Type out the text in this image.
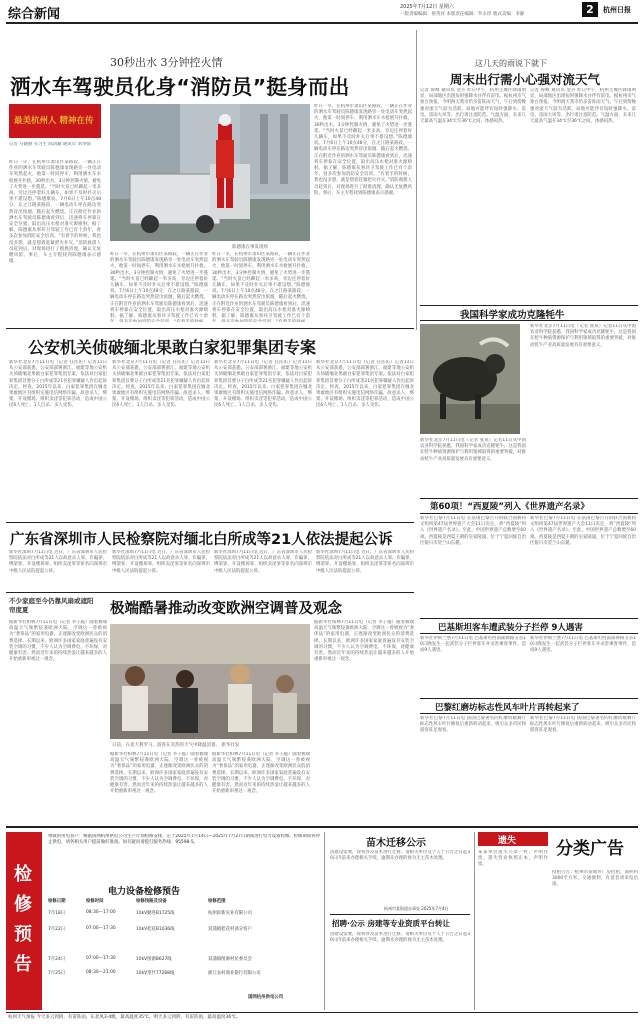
综合新闻	2025年7月12日 星期六
一版责编编辑：侯英祥 本版责任编辑：罗永彤 版式美编：李静	2	杭州日报
30秒出水 3分钟控火情
洒水车驾驶员化身“消防员”挺身而出
最美杭州人 精神在传
记者 马晓丽 实习生 陈清颖 通讯员 刘华婧
昨日一早，在杭州市萧山区某路段，一辆正在作业的洒水车驾驶员陈德康发现路旁一处电动车突然起火，他第一时间停车，利用洒水车水枪展开扑救，30秒出水，3分钟控制火情，避免了火势进一步蔓延。“当时火苗已经蹿起一米多高，旁边还停着好几辆车，如果不及时扑灭后果不堪设想。”陈德康说。7月6日上午10点48分，在之江路某路段，一辆电动车停在路边突然冒出浓烟，随后起火燃烧。正在附近作业的洒水车驾驶员陈德康看到后，迅速将车停靠在安全位置，取出高压水枪对准火源喷射。据了解，陈德康从事环卫驾驶工作已有十余年，曾多次参加消防安全培训。“有着手的时候，我也没多想，就是想着赶紧把火扑灭。”消防救援人员赶到后，对现场进行了彻底清理，确认无复燃风险。事后，车主专程找到陈德康表示感谢。
陈德康在事发现场
昨日一早，在杭州市萧山区某路段，一辆正在作业的洒水车驾驶员陈德康发现路旁一处电动车突然起火，他第一时间停车，利用洒水车水枪展开扑救，30秒出水，3分钟控制火情，避免了火势进一步蔓延。“当时火苗已经蹿起一米多高，旁边还停着好几辆车，如果不及时扑灭后果不堪设想。”陈德康说。7月6日上午10点48分，在之江路某路段，一辆电动车停在路边突然冒出浓烟，随后起火燃烧。正在附近作业的洒水车驾驶员陈德康看到后，迅速将车停靠在安全位置，取出高压水枪对准火源喷射。据了解，陈德康从事环卫驾驶工作已有十余
昨日一早，在杭州市萧山区某路段，一辆正在作业的洒水车驾驶员陈德康发现路旁一处电动车突然起火，他第一时间停车，利用洒水车水枪展开扑救，30秒出水，3分钟控制火情，避免了火势进一步蔓延。“当时火苗已经蹿起一米多高，旁边还停着好几辆车，如果不及时扑灭后果不堪设想。”陈德康说。7月6日上午10点48分，在之江路某路段，一辆电动车停在路边突然冒出浓烟，随后起火燃烧。正在附近作业的洒水车驾驶员陈德康看到后，迅速将车停靠在安全位置，取出高压水枪对准火源喷射。据了解，陈德康从事环卫驾驶工作已有十余
昨日一早，在杭州市萧山区某路段，一辆正在作业的洒水车驾驶员陈德康发现路旁一处电动车突然起火，他第一时间停车，利用洒水车水枪展开扑救，30秒出水，3分钟控制火情，避免了火势进一步蔓延。“当时火苗已经蹿起一米多高，旁边还停着好几辆车，如果不及时扑灭后果不堪设想。”陈德康说。7月6日上午10点48分，在之江路某路段，一辆电动车停在路边突然冒出浓烟，随后起火燃烧。正在附近作业的洒水车驾驶员陈德康看到后，迅速将车停靠在安全位置，取出高压水枪对准火源喷射。据了解，陈德康从事环卫驾驶工作已有十余年，曾多次参加消防安全培训。“有着手的时候，我也没多想，就是想着赶紧把火扑灭。”消防救援人员赶到后，对现场进行了彻底清理，确认无复燃风险。事后，车主专程找到陈德康表示感谢。
这几天的雨说下就下
周末出行需小心强对流天气
记者 鲁峰 通讯员 金卉 昨日中午，杭州主城区降雨明显，局部地区出现短时强降水并伴有雷电。据杭州市气象台预报，今明两天我市仍多雷阵雨天气，午后到傍晚强对流天气较为活跃，局地可能伴有短时强降水、雷电、雷雨大风等，出行请注意防范。气温方面，未来几天最高气温在34℃至36℃之间，体感闷热。
记者 鲁峰 通讯员 金卉 昨日中午，杭州主城区降雨明显，局部地区出现短时强降水并伴有雷电。据杭州市气象台预报，今明两天我市仍多雷阵雨天气，午后到傍晚强对流天气较为活跃，局地可能伴有短时强降水、雷电、雷雨大风等，出行请注意防范。气温方面，未来几天最高气温在34℃至36℃之间，体感闷热。
公安机关侦破缅北果敢白家犯罪集团专案
新华社北京7月11日电（记者 任沁沁）记者11日从公安部获悉，公安部部署浙江、福建等地公安机关侦破缅北果敢白家犯罪集团专案，依法对白家犯罪集团首要分子白所成等21名犯罪嫌疑人作出起诉决定。经查，2015年以来，白家犯罪集团在缅北果敢地区有组织实施电信网络诈骗、故意杀人、绑架、开设赌场、组织卖淫等犯罪活动，造成中国公民6人死亡、1人自杀、多人受伤。
新华社北京7月11日电（记者 任沁沁）记者11日从公安部获悉，公安部部署浙江、福建等地公安机关侦破缅北果敢白家犯罪集团专案，依法对白家犯罪集团首要分子白所成等21名犯罪嫌疑人作出起诉决定。经查，2015年以来，白家犯罪集团在缅北果敢地区有组织实施电信网络诈骗、故意杀人、绑架、开设赌场、组织卖淫等犯罪活动，造成中国公民6人死亡、1人自杀、多人受伤。
新华社北京7月11日电（记者 任沁沁）记者11日从公安部获悉，公安部部署浙江、福建等地公安机关侦破缅北果敢白家犯罪集团专案，依法对白家犯罪集团首要分子白所成等21名犯罪嫌疑人作出起诉决定。经查，2015年以来，白家犯罪集团在缅北果敢地区有组织实施电信网络诈骗、故意杀人、绑架、开设赌场、组织卖淫等犯罪活动，造成中国公民6人死亡、1人自杀、多人受伤。
新华社北京7月11日电（记者 任沁沁）记者11日从公安部获悉，公安部部署浙江、福建等地公安机关侦破缅北果敢白家犯罪集团专案，依法对白家犯罪集团首要分子白所成等21名犯罪嫌疑人作出起诉决定。经查，2015年以来，白家犯罪集团在缅北果敢地区有组织实施电信网络诈骗、故意杀人、绑架、开设赌场、组织卖淫等犯罪活动，造成中国公民6人死亡、1人自杀、多人受伤。
广东省深圳市人民检察院对缅北白所成等21人依法提起公诉
新华社深圳7月11日电 近日，广东省深圳市人民检察院依法对白所成等21人以故意杀人罪、诈骗罪、绑架罪、开设赌场罪、组织卖淫罪等罪名向深圳市中级人民法院提起公诉。
新华社深圳7月11日电 近日，广东省深圳市人民检察院依法对白所成等21人以故意杀人罪、诈骗罪、绑架罪、开设赌场罪、组织卖淫罪等罪名向深圳市中级人民法院提起公诉。
新华社深圳7月11日电 近日，广东省深圳市人民检察院依法对白所成等21人以故意杀人罪、诈骗罪、绑架罪、开设赌场罪、组织卖淫罪等罪名向深圳市中级人民法院提起公诉。
新华社深圳7月11日电 近日，广东省深圳市人民检察院依法对白所成等21人以故意杀人罪、诈骗罪、绑架罪、开设赌场罪、组织卖淫罪等罪名向深圳市中级人民法院提起公诉。
不少家庭至今仍靠风扇或遮阳帘度夏	极端酷暑推动改变欧洲空调普及观念
据新华社柏林7月11日电（记者 李子越）随着极端高温天气频繁侵袭欧洲大陆，空调这一曾被视为“奢侈品”的家用电器，正逐渐改变欧洲民众的消费选择。长期以来，欧洲许多国家家庭普遍没有安装空调的习惯，不少人认为空调费电、不环保，对健康有害。然而近年来的持续热浪让越来越多的人开始重新审视这一观念。
日前，在意大利罗马，游客在炎热的天气中降温消暑。 新华社发
据新华社柏林7月11日电（记者 李子越）随着极端高温天气频繁侵袭欧洲大陆，空调这一曾被视为“奢侈品”的家用电器，正逐渐改变欧洲民众的消费选择。长期以来，欧洲许多国家家庭普遍没有安装空调的习惯，不少人认为空调费电、不环保，对健康有害。然而近年来的持续热浪让越来越多的人开始重新审视这一观念。
据新华社柏林7月11日电（记者 李子越）随着极端高温天气频繁侵袭欧洲大陆，空调这一曾被视为“奢侈品”的家用电器，正逐渐改变欧洲民众的消费选择。长期以来，欧洲许多国家家庭普遍没有安装空调的习惯，不少人认为空调费电、不环保，对健康有害。然而近年来的持续热浪让越来越多的人开始重新审视这一观念。
据新华社柏林7月11日电（记者 李子越）随着极端高温天气频繁侵袭欧洲大陆，空调这一曾被视为“奢侈品”的家用电器，正逐渐改变欧洲民众的消费选择。长期以来，欧洲许多国家家庭普遍没有安装空调的习惯，不少人认为空调费电、不环保，对健康有害。然而近年来的持续热浪让越来越多的人开始重新审视这一观念。
我国科学家成功克隆牦牛
新华社北京7月11日电（记者 张泉）记者11日从中国农业科学院获悉，我国科学家成功克隆牦牛，这是我国在牦牛种质资源保护与利用领域取得的重要突破，对推动牦牛产业高质量发展具有重要意义。
新华社北京7月11日电（记者 张泉）记者11日从中国农业科学院获悉，我国科学家成功克隆牦牛，这是我国在牦牛种质资源保护与利用领域取得的重要突破，对推动牦牛产业高质量发展具有重要意义。
第60项！“西夏陵”列入《世界遗产名录》
新华社巴黎7月11日电 在法国巴黎召开的联合国教科文组织第47届世界遗产大会11日决定，将“西夏陵”列入《世界遗产名录》。至此，中国世界遗产总数增至60项。西夏陵是西夏王朝的皇家陵寝，位于宁夏回族自治区银川市贺兰山东麓。
新华社巴黎7月11日电 在法国巴黎召开的联合国教科文组织第47届世界遗产大会11日决定，将“西夏陵”列入《世界遗产名录》。至此，中国世界遗产总数增至60项。西夏陵是西夏王朝的皇家陵寝，位于宁夏回族自治区银川市贺兰山东麓。
巴基斯坦客车遭武装分子拦停 9人遇害
新华社伊斯兰堡7月11日电 巴基斯坦西南部俾路支省10日晚发生一起武装分子拦停客车并杀害乘客事件，造成9人遇害。
新华社伊斯兰堡7月11日电 巴基斯坦西南部俾路支省10日晚发生一起武装分子拦停客车并杀害乘客事件，造成9人遇害。
巴黎红磨坊标志性风车叶片再转起来了
新华社巴黎7月11日电 法国巴黎著名的红磨坊歌舞厅标志性风车叶片修复后重新转动起来，吸引众多市民和游客驻足观看。
新华社巴黎7月11日电 法国巴黎著名的红磨坊歌舞厅标志性风车叶片修复后重新转动起来，吸引众多市民和游客驻足观看。
检修预告
尊敬的用电客户：根据国网杭州供电公司生产计划检修安排，定于2025年7月14日—2025年7月27日期间进行电力设备检修。检修期间将停止供电，请各相关用户提前做好准备。如有疑问请拨打服务热线：95598-5。
电力设备检修预告
检修日期	检修时间	检修线路及设备	检修范围
7月18日	08:30—17:00	10kV勤进B1725线	杭州滨新实业有限公司
7月22日	07:00—17:30	10kV桂花B1036线	双浦镇桂花村部分客户
7月24日	07:00—17:30	10kV图源B627线	双浦镇图源村民委员会
7月25日	08:30—21:00	10kV望竹77288线	浙江农村商业银行有限公司
国网杭州供电公司
苗木迁移公示
因建设需要，现将涉及苗木进行迁移，请相关单位及个人于公告之日起30日内前来办理相关手续，逾期未办理的视为无主苗木处理。
杭州市某街道办事处 2025年7月4日
招聘·公示 房建等专业资质平台转让
因建设需要，现将涉及苗木进行迁移，请相关单位及个人于公告之日起30日内前来办理相关手续，逾期未办理的视为无主苗木处理。
遗失
某某单位遗失公章一枚，声明作废。遗失营业执照正本，声明作废。
分类广告
招租公告：杭州市某地块厂房招租，面积约3000平方米，交通便利，有意者请来电洽谈。
杭州天气预报 今天多云到阴，有雷阵雨，东北风3-4级，最高温度35℃。明天多云到阴，有雷阵雨，最高温度36℃。
